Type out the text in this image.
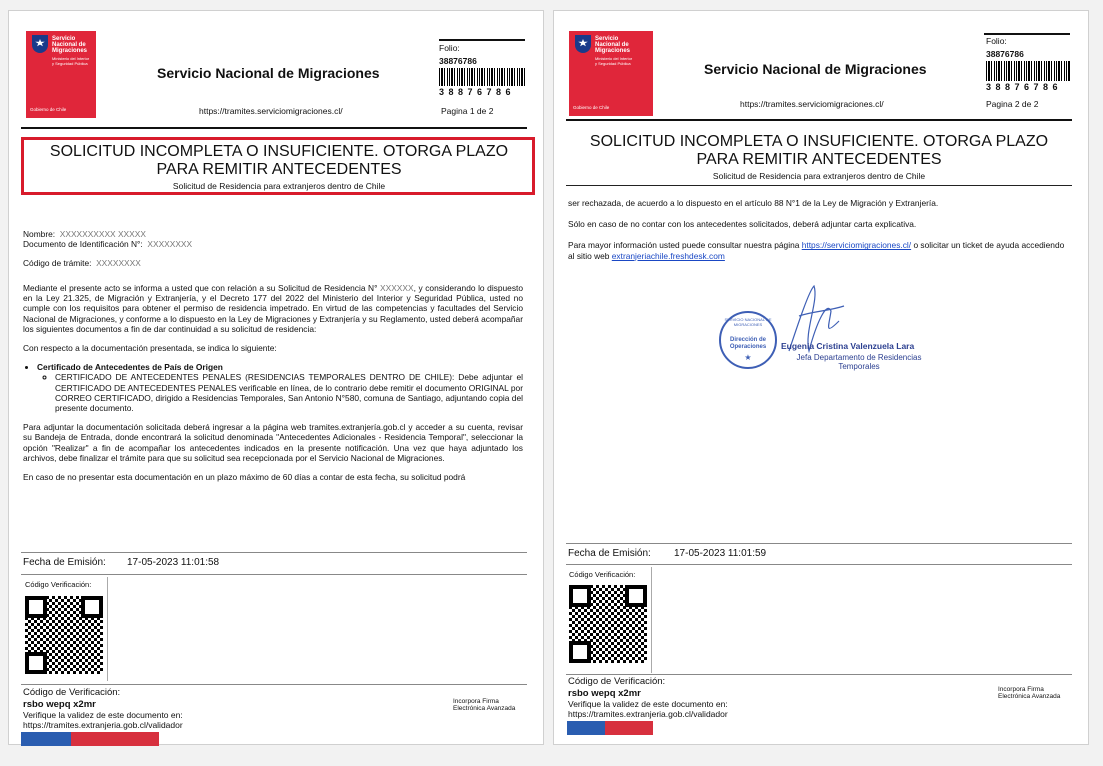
Servicio
Nacional de
Migraciones
Ministerio del Interior y Seguridad Pública
Gobierno de Chile
Servicio Nacional de Migraciones
https://tramites.serviciomigraciones.cl/
Folio:
38876786
3 8 8 7 6 7 8 6
Pagina 1 de 2
SOLICITUD INCOMPLETA O INSUFICIENTE. OTORGA PLAZO PARA REMITIR ANTECEDENTES
Solicitud de Residencia para extranjeros dentro de Chile
Nombre: XXXXXXXXXX XXXXX
Documento de Identificación N°: XXXXXXXX
Código de trámite: XXXXXXXX
Mediante el presente acto se informa a usted que con relación a su Solicitud de Residencia N° XXXXXX, y considerando lo dispuesto en la Ley 21.325, de Migración y Extranjería, y el Decreto 177 del 2022 del Ministerio del Interior y Seguridad Pública, usted no cumple con los requisitos para obtener el permiso de residencia impetrado. En virtud de las competencias y facultades del Servicio Nacional de Migraciones, y conforme a lo dispuesto en la Ley de Migraciones y Extranjería y su Reglamento, usted deberá acompañar los siguientes documentos a fin de dar continuidad a su solicitud de residencia:
Con respecto a la documentación presentada, se indica lo siguiente:
• Certificado de Antecedentes de País de Origen
◦ CERTIFICADO DE ANTECEDENTES PENALES (RESIDENCIAS TEMPORALES DENTRO DE CHILE): Debe adjuntar el CERTIFICADO DE ANTECEDENTES PENALES verificable en línea, de lo contrario debe remitir el documento ORIGINAL por CORREO CERTIFICADO, dirigido a Residencias Temporales, San Antonio N°580, comuna de Santiago, adjuntando copia del presente documento.
Para adjuntar la documentación solicitada deberá ingresar a la página web tramites.extranjería.gob.cl y acceder a su cuenta, revisar su Bandeja de Entrada, donde encontrará la solicitud denominada "Antecedentes Adicionales - Residencia Temporal", seleccionar la opción "Realizar" a fin de acompañar los antecedentes indicados en la presente notificación. Una vez que haya adjuntado los archivos, debe finalizar el trámite para que su solicitud sea recepcionada por el Servicio Nacional de Migraciones.
En caso de no presentar esta documentación en un plazo máximo de 60 días a contar de esta fecha, su solicitud podrá
Fecha de Emisión: 17-05-2023 11:01:58
Código Verificación:
Código de Verificación:
rsbo wepq x2mr
Verifique la validez de este documento en:
https://tramites.extranjeria.gob.cl/validador
Incorpora Firma
Electrónica Avanzada
Servicio
Nacional de
Migraciones
Ministerio del Interior y Seguridad Pública
Gobierno de Chile
Servicio Nacional de Migraciones
https://tramites.serviciomigraciones.cl/
Folio:
38876786
3 8 8 7 6 7 8 6
Pagina 2 de 2
SOLICITUD INCOMPLETA O INSUFICIENTE. OTORGA PLAZO PARA REMITIR ANTECEDENTES
Solicitud de Residencia para extranjeros dentro de Chile
ser rechazada, de acuerdo a lo dispuesto en el artículo 88 N°1 de la Ley de Migración y Extranjería.
Sólo en caso de no contar con los antecedentes solicitados, deberá adjuntar carta explicativa.
Para mayor información usted puede consultar nuestra página https://serviciomigraciones.cl/ o solicitar un ticket de ayuda accediendo al sitio web extranjeriachile.freshdesk.com
SERVICIO NACIONAL DE MIGRACIONES
Dirección de Operaciones
★
Eugenia Cristina Valenzuela Lara
Jefa Departamento de Residencias
Temporales
Fecha de Emisión: 17-05-2023 11:01:59
Código Verificación:
Código de Verificación:
rsbo wepq x2mr
Verifique la validez de este documento en:
https://tramites.extranjeria.gob.cl/validador
Incorpora Firma
Electrónica Avanzada
